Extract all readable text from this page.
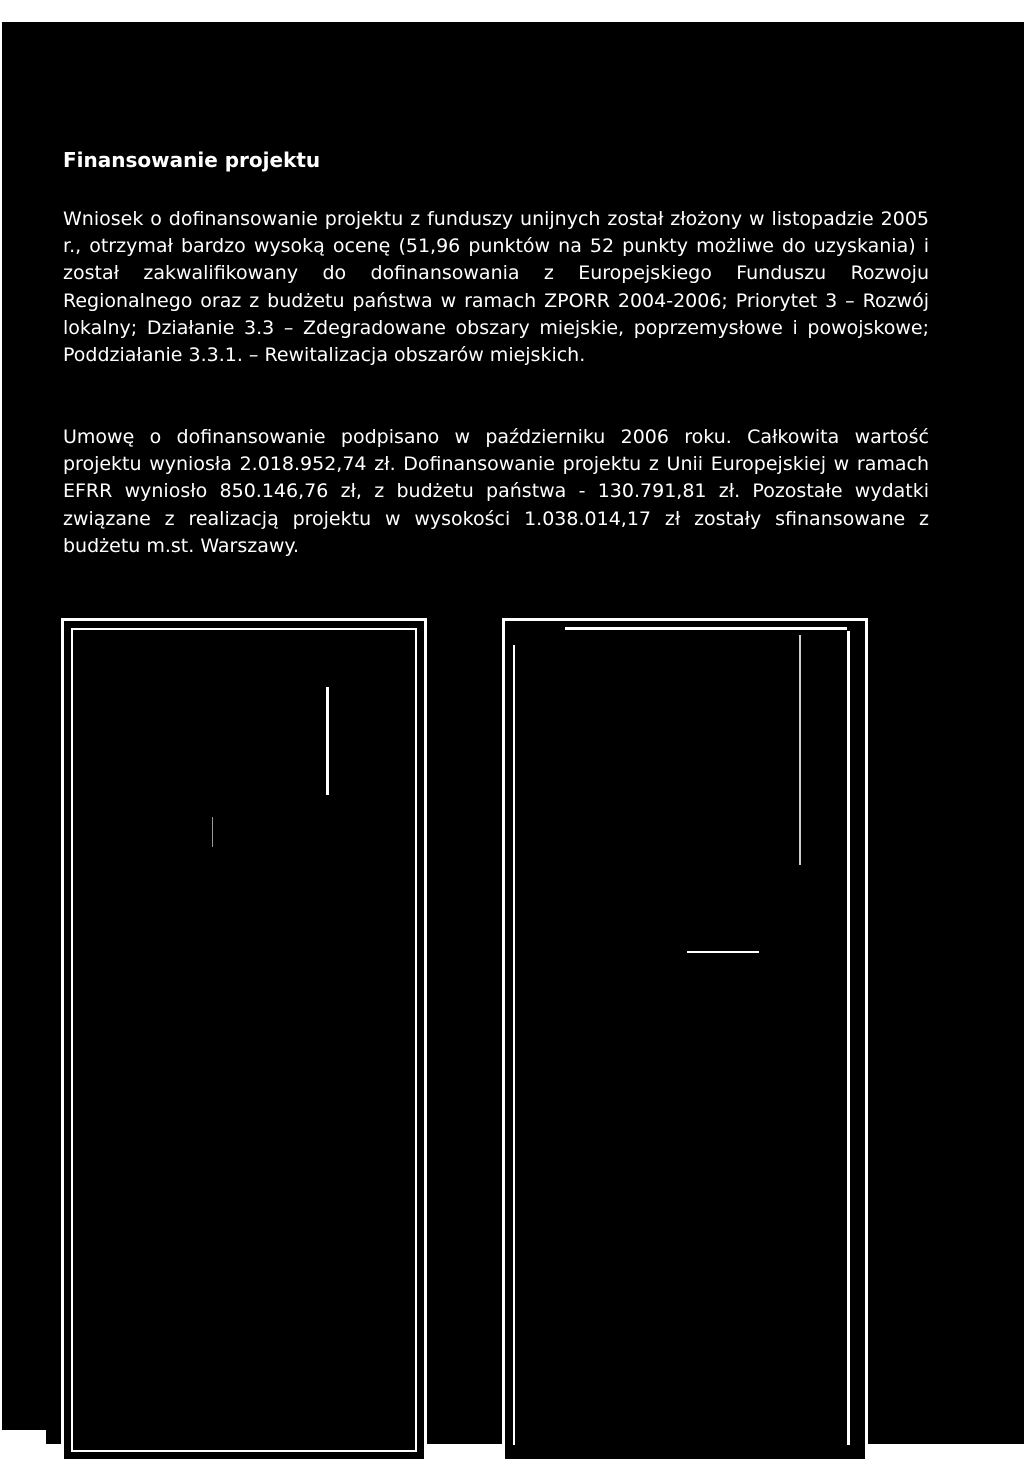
Finansowanie projektu

Wniosek o dofinansowanie projektu z funduszy unijnych został złożony w listopadzie 2005 r., otrzymał bardzo wysoką ocenę (51,96 punktów na 52 punkty możliwe do uzyskania) i został zakwalifikowany do dofinansowania z Europejskiego Funduszu Rozwoju Regionalnego oraz z budżetu państwa w ramach ZPORR 2004-2006; Priorytet 3 – Rozwój lokalny; Działanie 3.3 – Zdegradowane obszary miejskie, poprzemysłowe i powojskowe; Poddziałanie 3.3.1. – Rewitalizacja obszarów miejskich.

Umowę o dofinansowanie podpisano w październiku 2006 roku. Całkowita wartość projektu wyniosła 2.018.952,74 zł. Dofinansowanie projektu z Unii Europejskiej w ramach EFRR wyniosło 850.146,76 zł, z budżetu państwa - 130.791,81 zł. Pozostałe wydatki związane z realizacją projektu w wysokości 1.038.014,17 zł zostały sfinansowane z budżetu m.st. Warszawy.
